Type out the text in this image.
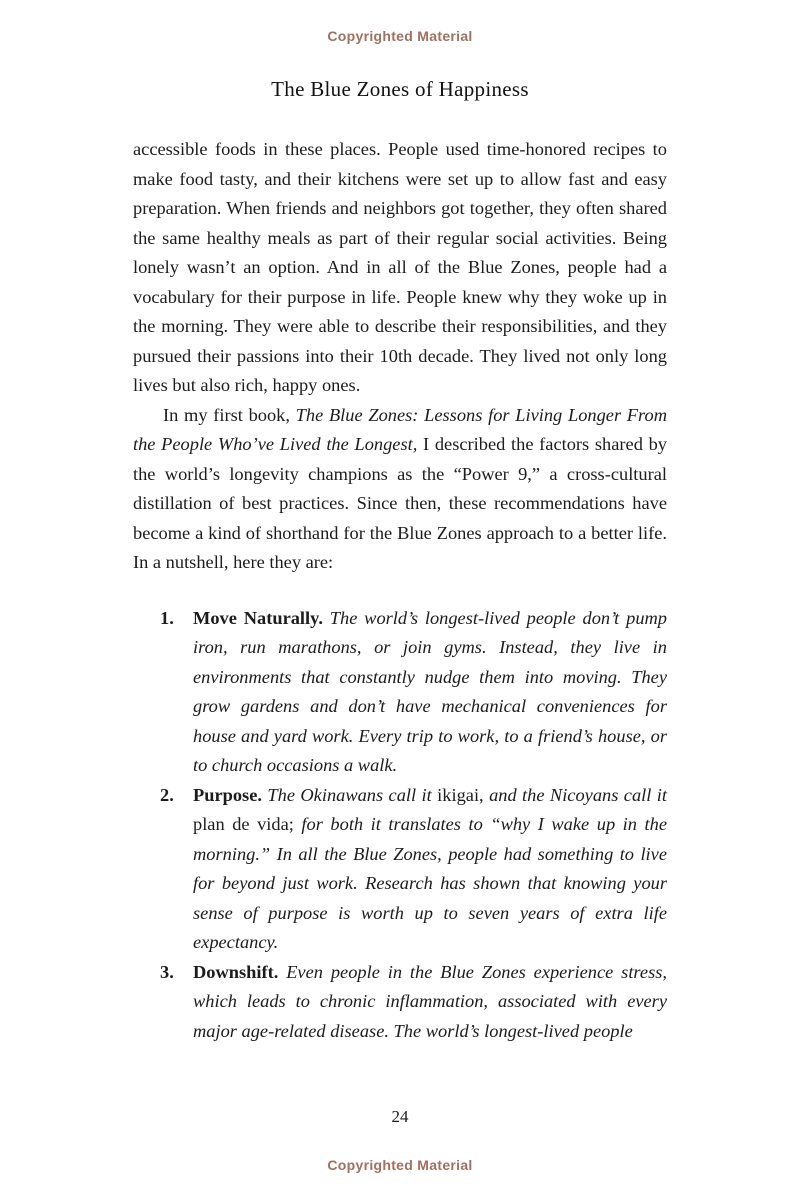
Copyrighted Material
The Blue Zones of Happiness

accessible foods in these places. People used time-honored recipes to make food tasty, and their kitchens were set up to allow fast and easy preparation. When friends and neighbors got together, they often shared the same healthy meals as part of their regular social activities. Being lonely wasn’t an option. And in all of the Blue Zones, people had a vocabulary for their purpose in life. People knew why they woke up in the morning. They were able to describe their responsibilities, and they pursued their passions into their 10th decade. They lived not only long lives but also rich, happy ones.

In my first book, The Blue Zones: Lessons for Living Longer From the People Who’ve Lived the Longest, I described the factors shared by the world’s longevity champions as the “Power 9,” a cross-cultural distillation of best practices. Since then, these recommendations have become a kind of shorthand for the Blue Zones approach to a better life. In a nutshell, here they are:

1.	Move Naturally. The world’s longest-lived people don’t pump iron, run marathons, or join gyms. Instead, they live in environments that constantly nudge them into moving. They grow gardens and don’t have mechanical conveniences for house and yard work. Every trip to work, to a friend’s house, or to church occasions a walk.
2.	Purpose. The Okinawans call it ikigai, and the Nicoyans call it plan de vida; for both it translates to “why I wake up in the morning.” In all the Blue Zones, people had something to live for beyond just work. Research has shown that knowing your sense of purpose is worth up to seven years of extra life expectancy.
3.	Downshift. Even people in the Blue Zones experience stress, which leads to chronic inflammation, associated with every major age-related disease. The world’s longest-lived people
24
Copyrighted Material
